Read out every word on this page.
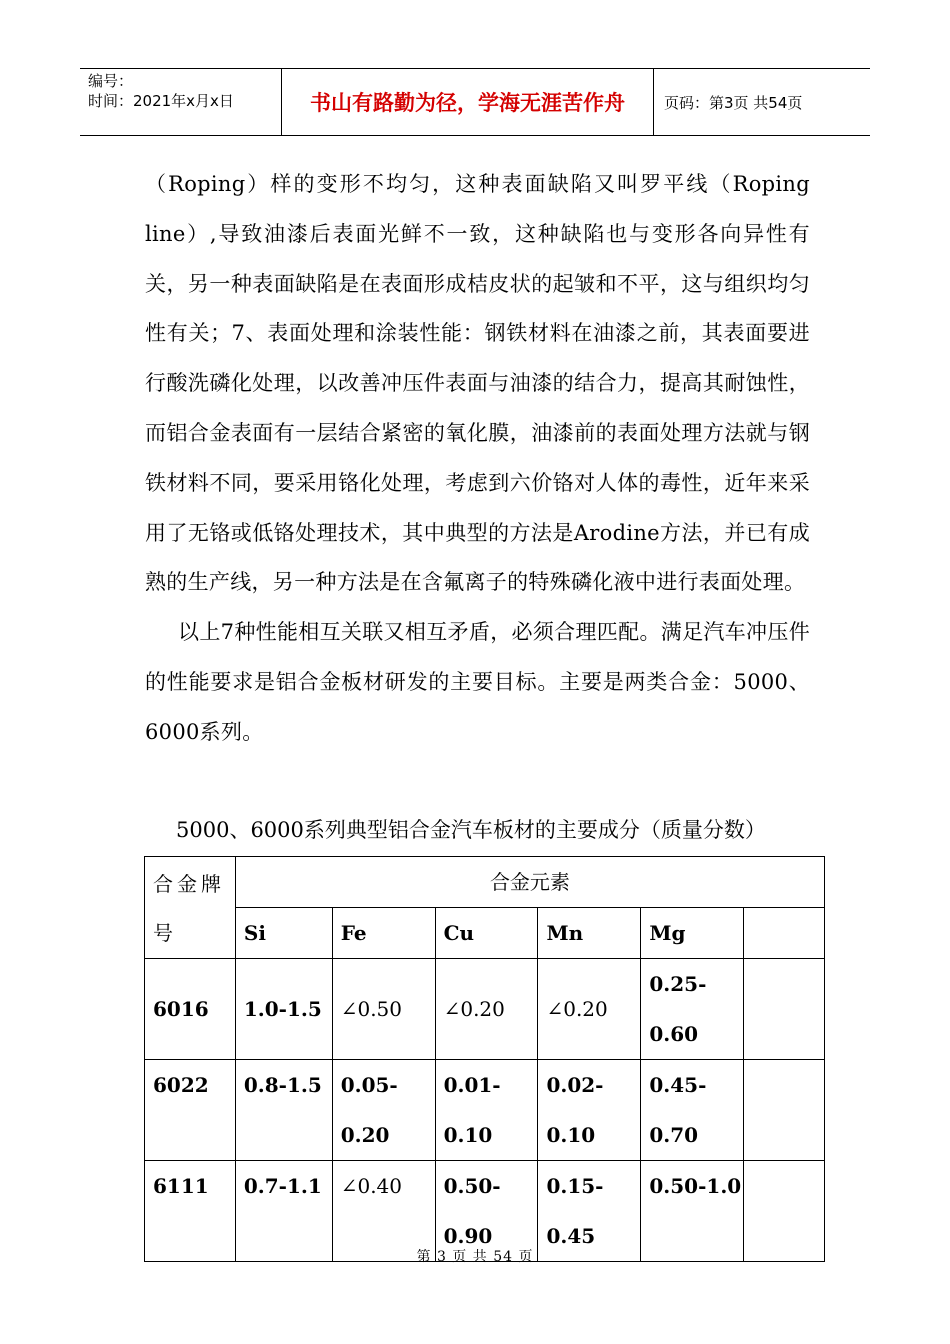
编号：
时间：2021年x月x日	书山有路勤为径，学海无涯苦作舟	页码：第3页 共54页

（Roping）样的变形不均匀，这种表面缺陷又叫罗平线（Roping line）,导致油漆后表面光鲜不一致，这种缺陷也与变形各向异性有关，另一种表面缺陷是在表面形成桔皮状的起皱和不平，这与组织均匀性有关；7、表面处理和涂装性能：钢铁材料在油漆之前，其表面要进行酸洗磷化处理，以改善冲压件表面与油漆的结合力，提高其耐蚀性，而铝合金表面有一层结合紧密的氧化膜，油漆前的表面处理方法就与钢铁材料不同，要采用铬化处理，考虑到六价铬对人体的毒性，近年来采用了无铬或低铬处理技术，其中典型的方法是Arodine方法，并已有成熟的生产线，另一种方法是在含氟离子的特殊磷化液中进行表面处理。

以上7种性能相互关联又相互矛盾，必须合理匹配。满足汽车冲压件的性能要求是铝合金板材研发的主要目标。主要是两类合金：5000、6000系列。

5000、6000系列典型铝合金汽车板材的主要成分（质量分数）
合金牌号	合金元素					
	Si	Fe	Cu	Mn	Mg	
6016	1.0-1.5	∠0.50	∠0.20	∠0.20	0.25-0.60	
6022	0.8-1.5	0.05-0.20	0.01-0.10	0.02-0.10	0.45-0.70	
6111	0.7-1.1	∠0.40	0.50-0.90	0.15-0.45	0.50-1.0	
第 3 页 共 54 页
